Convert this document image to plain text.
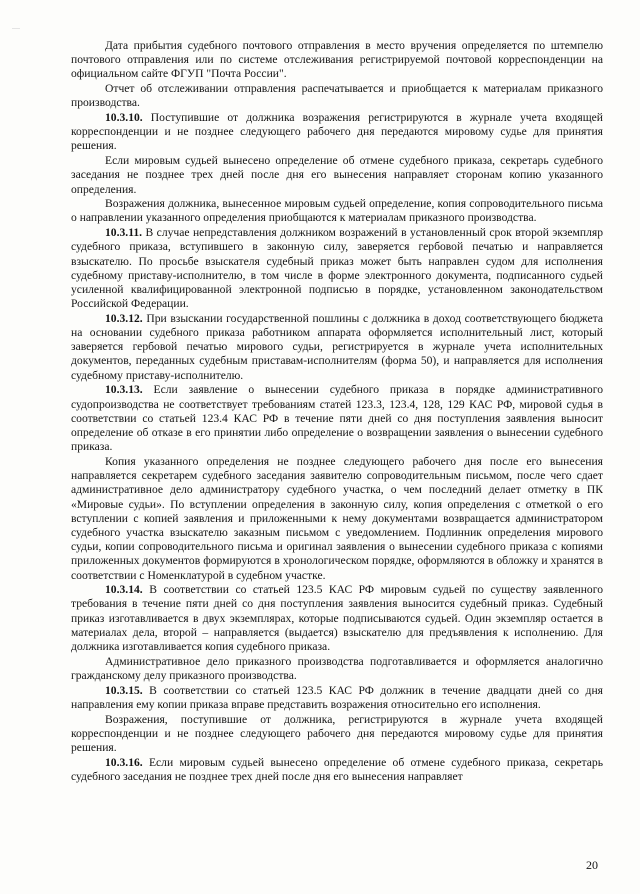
Дата прибытия судебного почтового отправления в место вручения определяется по штемпелю почтового отправления или по системе отслеживания регистрируемой почтовой корреспонденции на официальном сайте ФГУП "Почта России".

Отчет об отслеживании отправления распечатывается и приобщается к материалам приказного производства.

10.3.10. Поступившие от должника возражения регистрируются в журнале учета входящей корреспонденции и не позднее следующего рабочего дня передаются мировому судье для принятия решения.

Если мировым судьей вынесено определение об отмене судебного приказа, секретарь судебного заседания не позднее трех дней после дня его вынесения направляет сторонам копию указанного определения.

Возражения должника, вынесенное мировым судьей определение, копия сопроводительного письма о направлении указанного определения приобщаются к материалам приказного производства.

10.3.11. В случае непредставления должником возражений в установленный срок второй экземпляр судебного приказа, вступившего в законную силу, заверяется гербовой печатью и направляется взыскателю. По просьбе взыскателя судебный приказ может быть направлен судом для исполнения судебному приставу-исполнителю, в том числе в форме электронного документа, подписанного судьей усиленной квалифицированной электронной подписью в порядке, установленном законодательством Российской Федерации.

10.3.12. При взыскании государственной пошлины с должника в доход соответствующего бюджета на основании судебного приказа работником аппарата оформляется исполнительный лист, который заверяется гербовой печатью мирового судьи, регистрируется в журнале учета исполнительных документов, переданных судебным приставам-исполнителям (форма 50), и направляется для исполнения судебному приставу-исполнителю.

10.3.13. Если заявление о вынесении судебного приказа в порядке административного судопроизводства не соответствует требованиям статей 123.3, 123.4, 128, 129 КАС РФ, мировой судья в соответствии со статьей 123.4 КАС РФ в течение пяти дней со дня поступления заявления выносит определение об отказе в его принятии либо определение о возвращении заявления о вынесении судебного приказа.

Копия указанного определения не позднее следующего рабочего дня после его вынесения направляется секретарем судебного заседания заявителю сопроводительным письмом, после чего сдает административное дело администратору судебного участка, о чем последний делает отметку в ПК «Мировые судьи». По вступлении определения в законную силу, копия определения с отметкой о его вступлении с копией заявления и приложенными к нему документами возвращается администратором судебного участка взыскателю заказным письмом с уведомлением. Подлинник определения мирового судьи, копии сопроводительного письма и оригинал заявления о вынесении судебного приказа с копиями приложенных документов формируются в хронологическом порядке, оформляются в обложку и хранятся в соответствии с Номенклатурой в судебном участке.

10.3.14. В соответствии со статьей 123.5 КАС РФ мировым судьей по существу заявленного требования в течение пяти дней со дня поступления заявления выносится судебный приказ. Судебный приказ изготавливается в двух экземплярах, которые подписываются судьей. Один экземпляр остается в материалах дела, второй – направляется (выдается) взыскателю для предъявления к исполнению. Для должника изготавливается копия судебного приказа.

Административное дело приказного производства подготавливается и оформляется аналогично гражданскому делу приказного производства.

10.3.15. В соответствии со статьей 123.5 КАС РФ должник в течение двадцати дней со дня направления ему копии приказа вправе представить возражения относительно его исполнения.

Возражения, поступившие от должника, регистрируются в журнале учета входящей корреспонденции и не позднее следующего рабочего дня передаются мировому судье для принятия решения.

10.3.16. Если мировым судьей вынесено определение об отмене судебного приказа, секретарь судебного заседания не позднее трех дней после дня его вынесения направляет

20
